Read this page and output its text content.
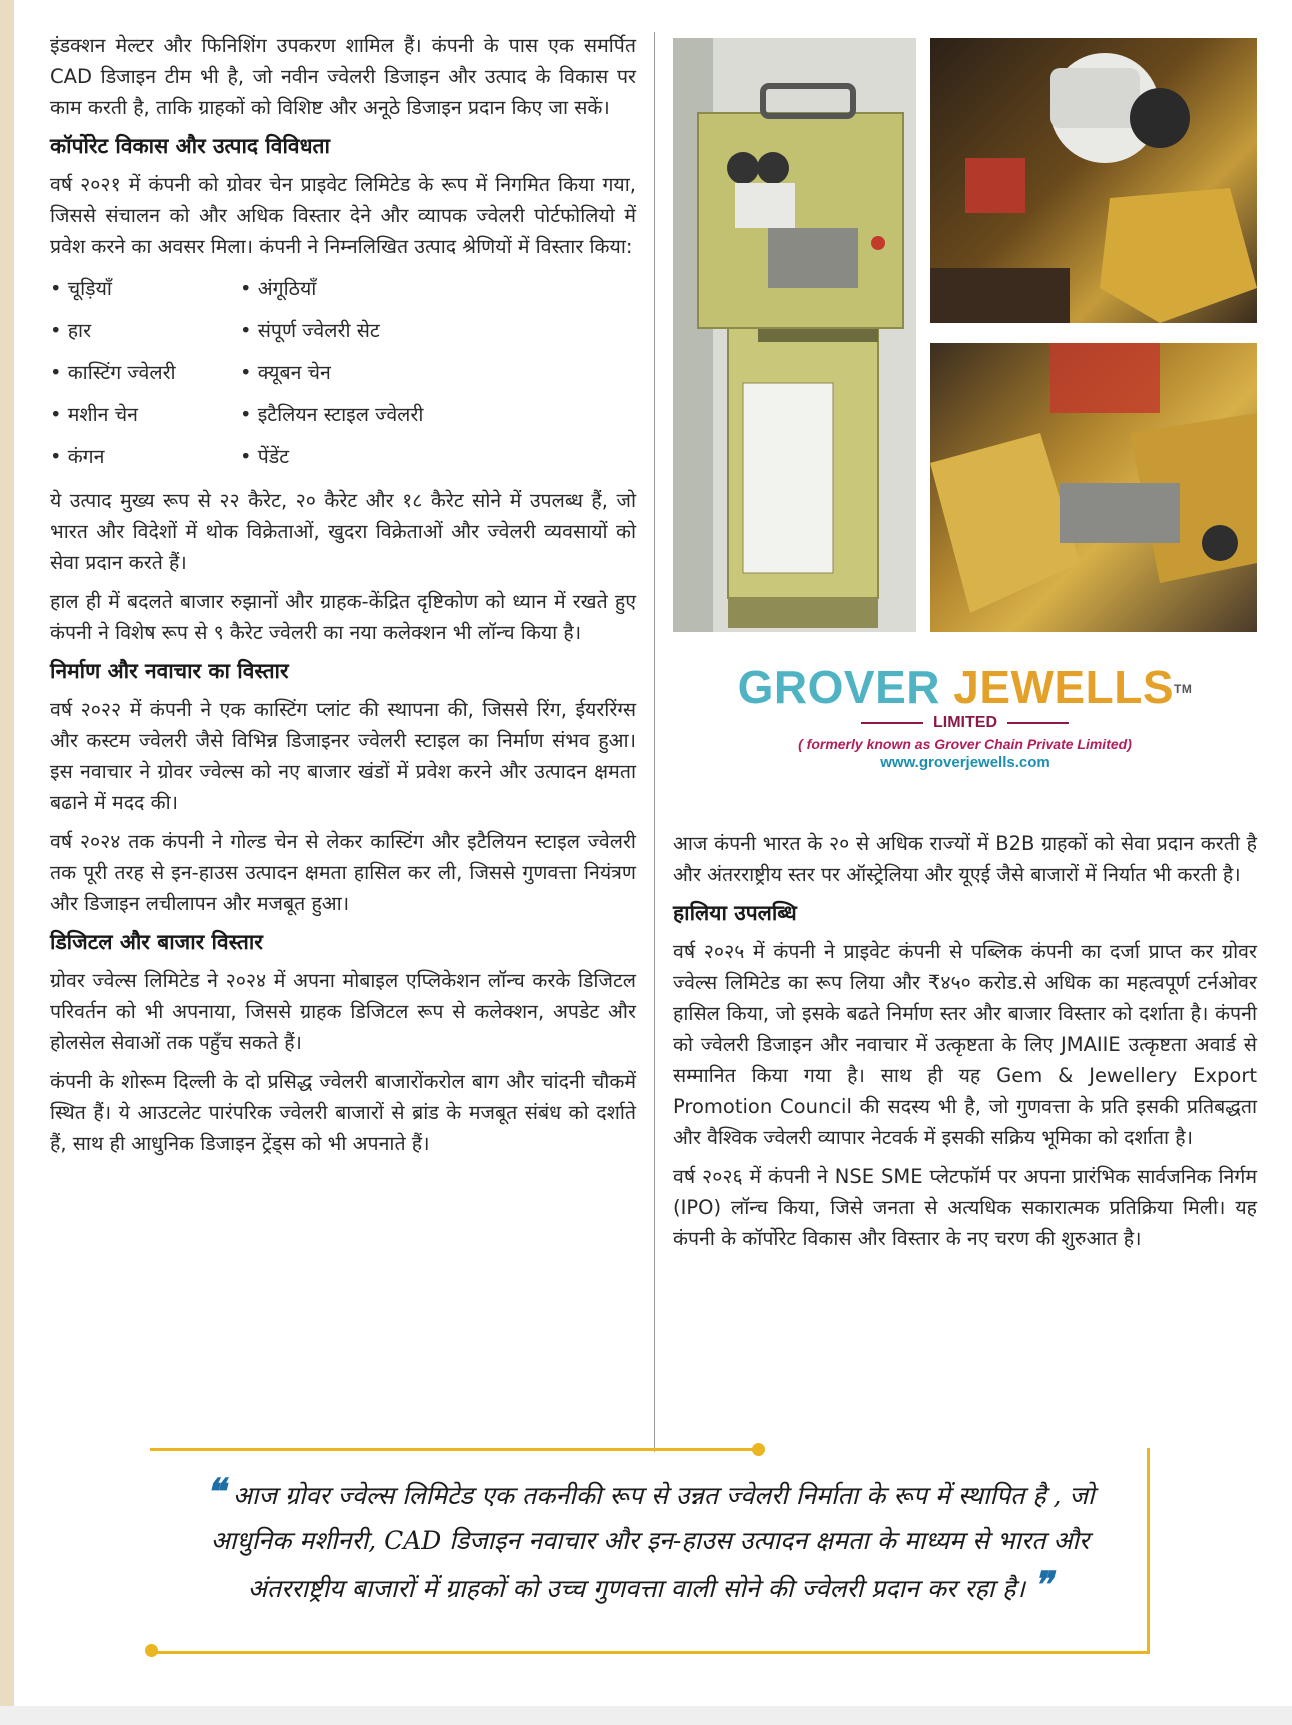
इंडक्शन मेल्टर और फिनिशिंग उपकरण शामिल हैं। कंपनी के पास एक समर्पित CAD डिजाइन टीम भी है, जो नवीन ज्वेलरी डिजाइन और उत्पाद के विकास पर काम करती है, ताकि ग्राहकों को विशिष्ट और अनूठे डिजाइन प्रदान किए जा सकें।

कॉर्पोरेट विकास और उत्पाद विविधता

वर्ष २०२१ में कंपनी को ग्रोवर चेन प्राइवेट लिमिटेड के रूप में निगमित किया गया, जिससे संचालन को और अधिक विस्तार देने और व्यापक ज्वेलरी पोर्टफोलियो में प्रवेश करने का अवसर मिला। कंपनी ने निम्नलिखित उत्पाद श्रेणियों में विस्तार किया:

• चूड़ियाँ	• अंगूठियाँ
• हार	• संपूर्ण ज्वेलरी सेट
• कास्टिंग ज्वेलरी	• क्यूबन चेन
• मशीन चेन	• इटैलियन स्टाइल ज्वेलरी
• कंगन	• पेंडेंट

ये उत्पाद मुख्य रूप से २२ कैरेट, २० कैरेट और १८ कैरेट सोने में उपलब्ध हैं, जो भारत और विदेशों में थोक विक्रेताओं, खुदरा विक्रेताओं और ज्वेलरी व्यवसायों को सेवा प्रदान करते हैं।

हाल ही में बदलते बाजार रुझानों और ग्राहक-केंद्रित दृष्टिकोण को ध्यान में रखते हुए कंपनी ने विशेष रूप से ९ कैरेट ज्वेलरी का नया कलेक्शन भी लॉन्च किया है।

निर्माण और नवाचार का विस्तार

वर्ष २०२२ में कंपनी ने एक कास्टिंग प्लांट की स्थापना की, जिससे रिंग, ईयररिंग्स और कस्टम ज्वेलरी जैसे विभिन्न डिजाइनर ज्वेलरी स्टाइल का निर्माण संभव हुआ। इस नवाचार ने ग्रोवर ज्वेल्स को नए बाजार खंडों में प्रवेश करने और उत्पादन क्षमता बढाने में मदद की।

वर्ष २०२४ तक कंपनी ने गोल्ड चेन से लेकर कास्टिंग और इटैलियन स्टाइल ज्वेलरी तक पूरी तरह से इन-हाउस उत्पादन क्षमता हासिल कर ली, जिससे गुणवत्ता नियंत्रण और डिजाइन लचीलापन और मजबूत हुआ।

डिजिटल और बाजार विस्तार

ग्रोवर ज्वेल्स लिमिटेड ने २०२४ में अपना मोबाइल एप्लिकेशन लॉन्च करके डिजिटल परिवर्तन को भी अपनाया, जिससे ग्राहक डिजिटल रूप से कलेक्शन, अपडेट और होलसेल सेवाओं तक पहुँच सकते हैं।

कंपनी के शोरूम दिल्ली के दो प्रसिद्ध ज्वेलरी बाजारोंकरोल बाग और चांदनी चौकमें स्थित हैं। ये आउटलेट पारंपरिक ज्वेलरी बाजारों से ब्रांड के मजबूत संबंध को दर्शाते हैं, साथ ही आधुनिक डिजाइन ट्रेंड्स को भी अपनाते हैं।

GROVER JEWELLS™
LIMITED
( formerly known as Grover Chain Private Limited)
www.groverjewells.com

आज कंपनी भारत के २० से अधिक राज्यों में B2B ग्राहकों को सेवा प्रदान करती है और अंतरराष्ट्रीय स्तर पर ऑस्ट्रेलिया और यूएई जैसे बाजारों में निर्यात भी करती है।

हालिया उपलब्धि

वर्ष २०२५ में कंपनी ने प्राइवेट कंपनी से पब्लिक कंपनी का दर्जा प्राप्त कर ग्रोवर ज्वेल्स लिमिटेड का रूप लिया और ₹४५० करोड.से अधिक का महत्वपूर्ण टर्नओवर हासिल किया, जो इसके बढते निर्माण स्तर और बाजार विस्तार को दर्शाता है। कंपनी को ज्वेलरी डिजाइन और नवाचार में उत्कृष्टता के लिए JMAIIE उत्कृष्टता अवार्ड से सम्मानित किया गया है। साथ ही यह Gem & Jewellery Export Promotion Council की सदस्य भी है, जो गुणवत्ता के प्रति इसकी प्रतिबद्धता और वैश्विक ज्वेलरी व्यापार नेटवर्क में इसकी सक्रिय भूमिका को दर्शाता है।

वर्ष २०२६ में कंपनी ने NSE SME प्लेटफॉर्म पर अपना प्रारंभिक सार्वजनिक निर्गम (IPO) लॉन्च किया, जिसे जनता से अत्यधिक सकारात्मक प्रतिक्रिया मिली। यह कंपनी के कॉर्पोरेट विकास और विस्तार के नए चरण की शुरुआत है।

❝ आज ग्रोवर ज्वेल्स लिमिटेड एक तकनीकी रूप से उन्नत ज्वेलरी निर्माता के रूप में स्थापित है , जो आधुनिक मशीनरी, CAD डिजाइन नवाचार और इन-हाउस उत्पादन क्षमता के माध्यम से भारत और अंतरराष्ट्रीय बाजारों में ग्राहकों को उच्च गुणवत्ता वाली सोने की ज्वेलरी प्रदान कर रहा है। ❞
